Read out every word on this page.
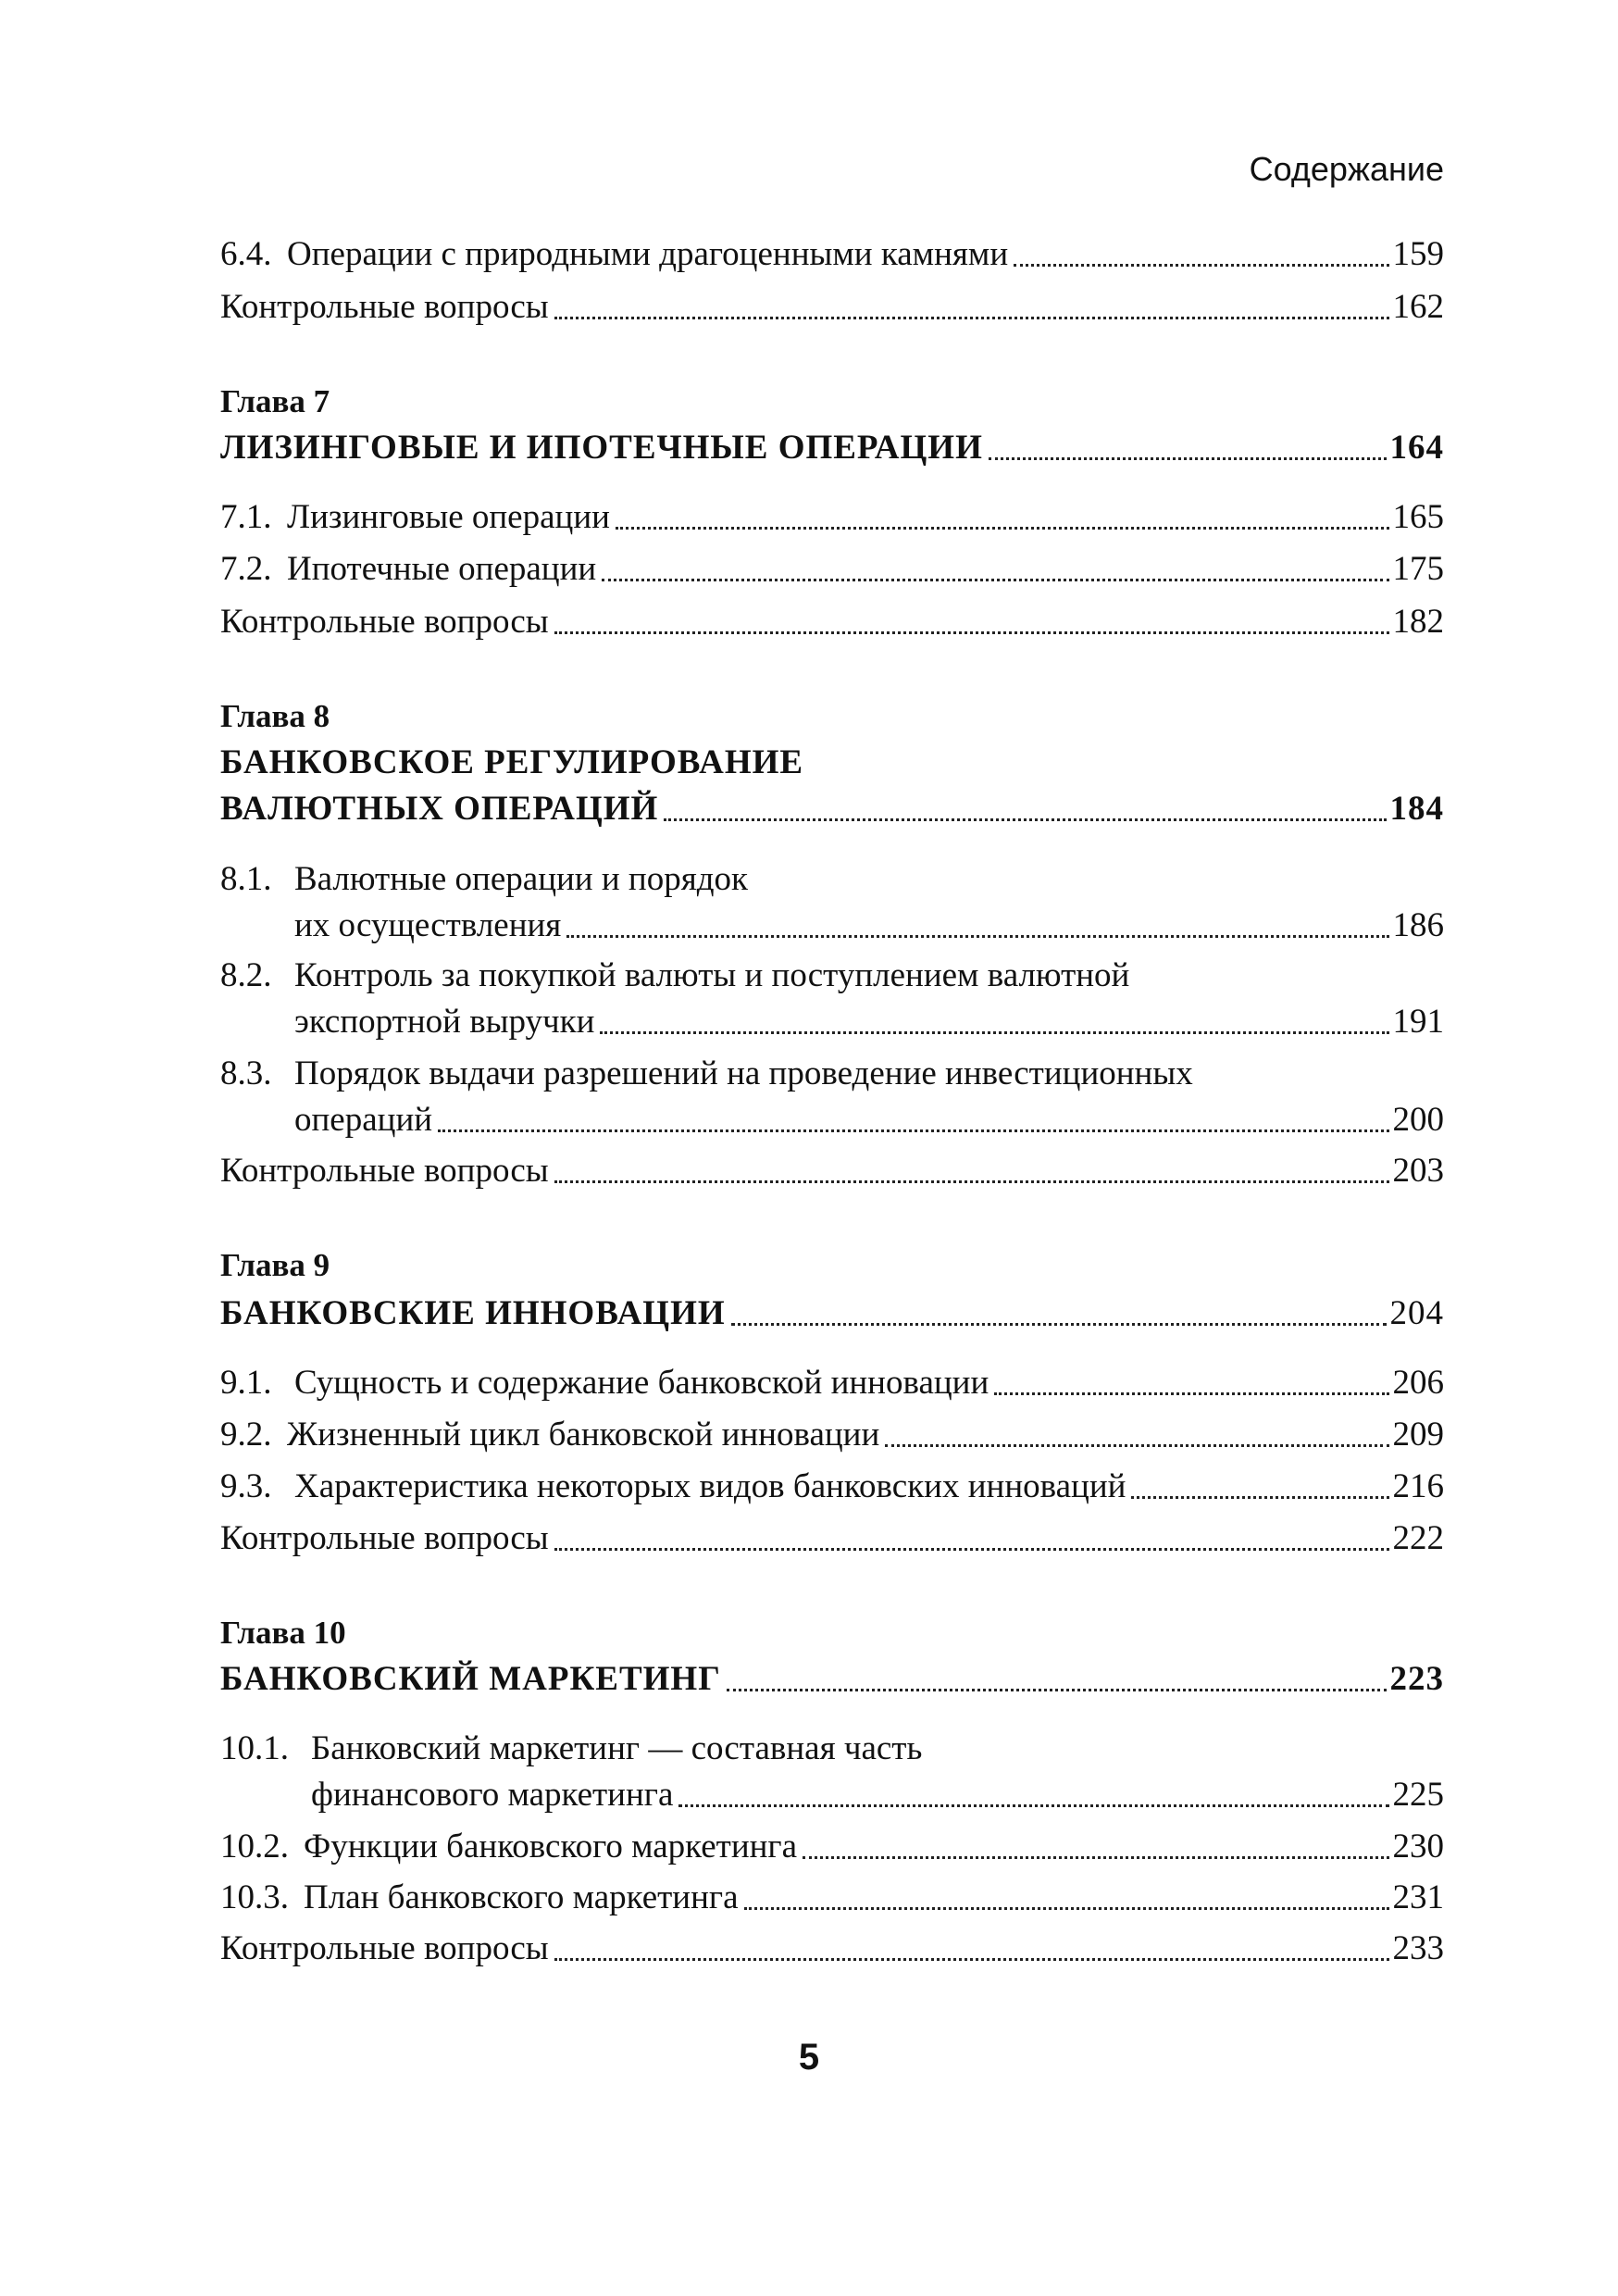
Содержание
6.4. Операции с природными драгоценными камнями	159
Контрольные вопросы	162
Глава 7
ЛИЗИНГОВЫЕ И ИПОТЕЧНЫЕ ОПЕРАЦИИ	164
7.1. Лизинговые операции	165
7.2. Ипотечные операции	175
Контрольные вопросы	182
Глава 8
БАНКОВСКОЕ РЕГУЛИРОВАНИЕ
ВАЛЮТНЫХ ОПЕРАЦИЙ	184
8.1. Валютные операции и порядок
их осуществления	186
8.2. Контроль за покупкой валюты и поступлением валютной
экспортной выручки	191
8.3. Порядок выдачи разрешений на проведение инвестиционных
операций	200
Контрольные вопросы	203
Глава 9
БАНКОВСКИЕ ИННОВАЦИИ	204
9.1. Сущность и содержание банковской инновации	206
9.2. Жизненный цикл банковской инновации	209
9.3. Характеристика некоторых видов банковских инноваций	216
Контрольные вопросы	222
Глава 10
БАНКОВСКИЙ МАРКЕТИНГ	223
10.1. Банковский маркетинг — составная часть
финансового маркетинга	225
10.2. Функции банковского маркетинга	230
10.3. План банковского маркетинга	231
Контрольные вопросы	233
5
